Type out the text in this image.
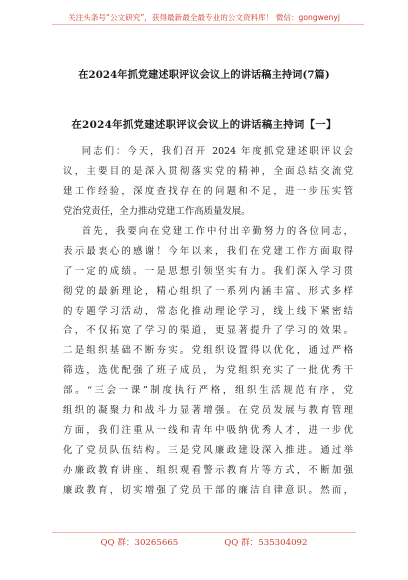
关注头条号“公文研究”，获得最新最全最专业的公文资料库！ 微信：gongwenyj
在2024年抓党建述职评议会议上的讲话稿主持词(7篇)
在2024年抓党建述职评议会议上的讲话稿主持词【一】
同志们：今天，我们召开 2024 年度抓党建述职评议会
议，主要目的是深入贯彻落实党的精神，全面总结交流党
建工作经验，深度查找存在的问题和不足，进一步压实管
党治党责任，全力推动党建工作高质量发展。
首先，我要向在党建工作中付出辛勤努力的各位同志，
表示最衷心的感谢！今年以来，我们在党建工作方面取得
了一定的成绩。一是思想引领坚实有力。我们深入学习贯
彻党的最新理论，精心组织了一系列内涵丰富、形式多样
的专题学习活动，常态化推动理论学习，线上线下紧密结
合，不仅拓宽了学习的渠道，更显著提升了学习的效果。
二是组织基础不断夯实。党组织设置得以优化，通过严格
筛选，选优配强了班子成员，为党组织充实了一批优秀干
部。“三会一课”制度执行严格，组织生活规范有序，党
组织的凝聚力和战斗力显著增强。在党员发展与教育管理
方面，我们注重从一线和青年中吸纳优秀人才，进一步优
化了党员队伍结构。三是党风廉政建设深入推进。通过举
办廉政教育讲座、组织观看警示教育片等方式，不断加强
廉政教育，切实增强了党员干部的廉洁自律意识。然而，
QQ 群：30265665	QQ 群：535304092
